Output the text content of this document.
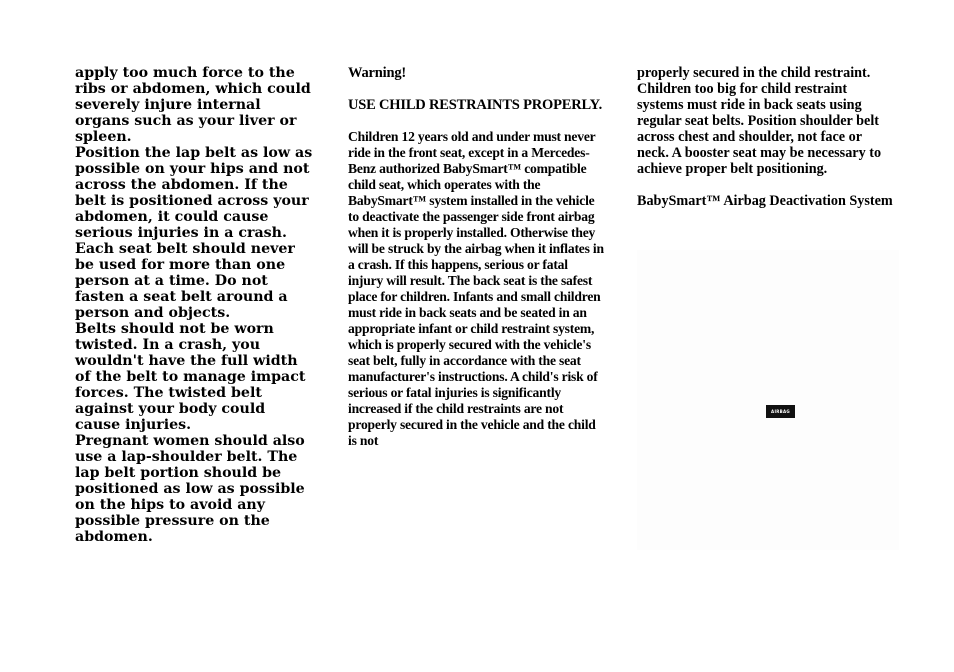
apply too much force to the ribs or abdomen, which could severely injure internal organs such as your liver or spleen.

Position the lap belt as low as possible on your hips and not across the abdomen. If the belt is positioned across your abdomen, it could cause serious injuries in a crash.

Each seat belt should never be used for more than one person at a time. Do not fasten a seat belt around a person and objects.

Belts should not be worn twisted. In a crash, you wouldn't have the full width of the belt to manage impact forces. The twisted belt against your body could cause injuries.

Pregnant women should also use a lap-shoulder belt. The lap belt portion should be positioned as low as possible on the hips to avoid any possible pressure on the abdomen.

Warning!

USE CHILD RESTRAINTS PROPERLY.

Children 12 years old and under must never ride in the front seat, except in a Mercedes-Benz authorized BabySmart™ compatible child seat, which operates with the BabySmart™ system installed in the vehicle to deactivate the passenger side front airbag when it is properly installed. Otherwise they will be struck by the airbag when it inflates in a crash. If this happens, serious or fatal injury will result. The back seat is the safest place for children. Infants and small children must ride in back seats and be seated in an appropriate infant or child restraint system, which is properly secured with the vehicle's seat belt, fully in accordance with the seat manufacturer's instructions. A child's risk of serious or fatal injuries is significantly increased if the child restraints are not properly secured in the vehicle and the child is not

properly secured in the child restraint. Children too big for child restraint systems must ride in back seats using regular seat belts. Position shoulder belt across chest and shoulder, not face or neck. A booster seat may be necessary to achieve proper belt positioning.

BabySmart™ Airbag Deactivation System

AIRBAG
